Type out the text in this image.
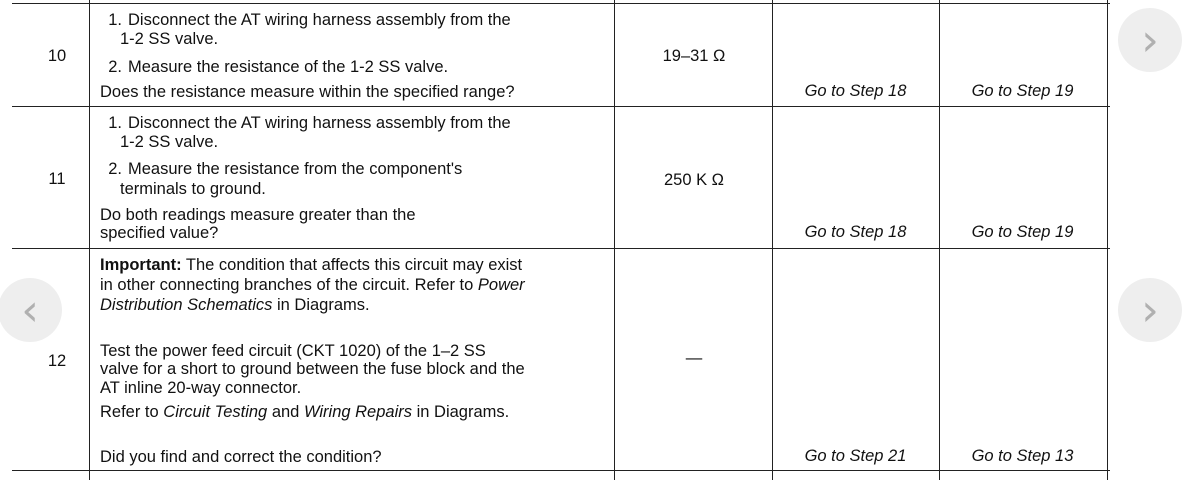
10
1. Disconnect the AT wiring harness assembly from the
1-2 SS valve.
2. Measure the resistance of the 1-2 SS valve.
Does the resistance measure within the specified range?
19–31 Ω
Go to Step 18	Go to Step 19
11
1. Disconnect the AT wiring harness assembly from the
1-2 SS valve.
2. Measure the resistance from the component's
terminals to ground.
Do both readings measure greater than the
specified value?
250 K Ω
Go to Step 18	Go to Step 19
12
Important: The condition that affects this circuit may exist
in other connecting branches of the circuit. Refer to Power
Distribution Schematics in Diagrams.
Test the power feed circuit (CKT 1020) of the 1–2 SS
valve for a short to ground between the fuse block and the
AT inline 20-way connector.
Refer to Circuit Testing and Wiring Repairs in Diagrams.
Did you find and correct the condition?
—
Go to Step 21	Go to Step 13
‹
›
›
